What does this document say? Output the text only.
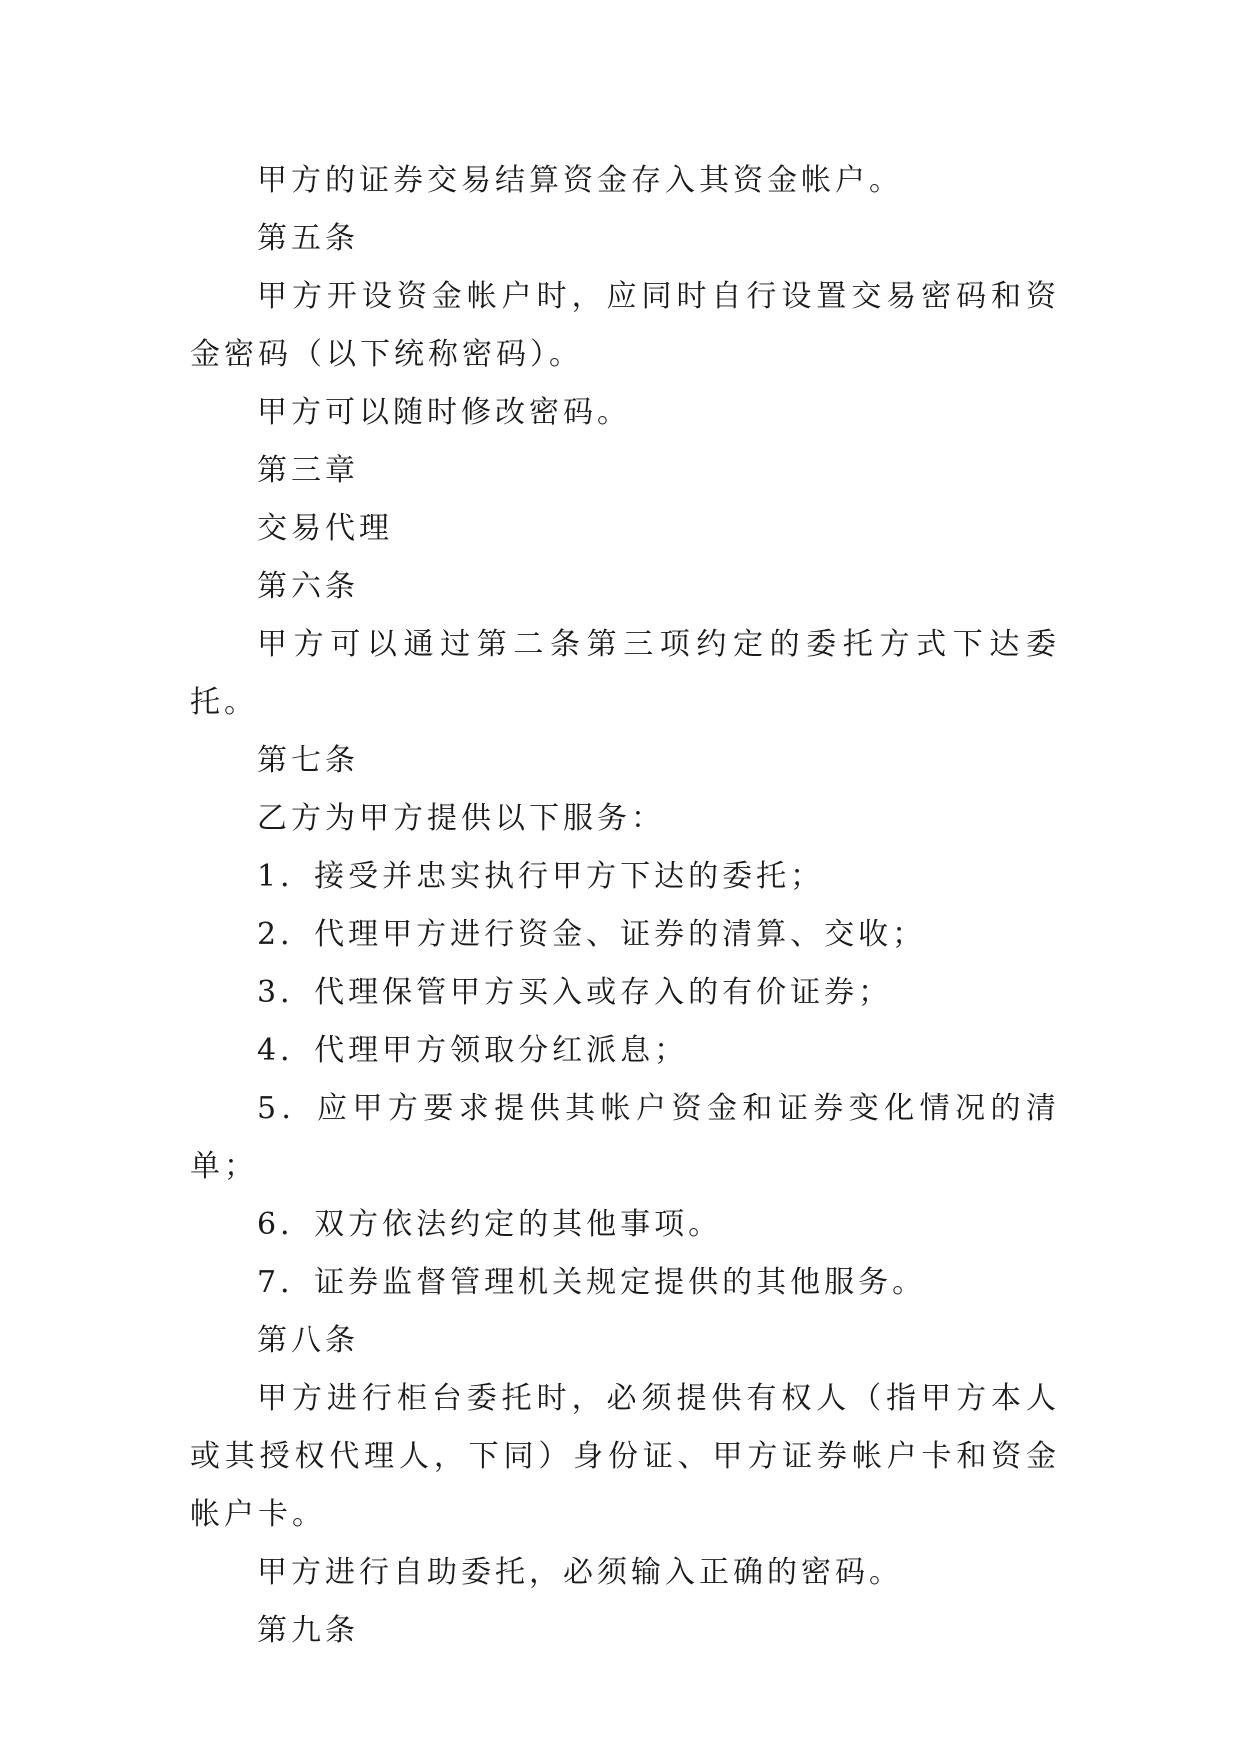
甲方的证券交易结算资金存入其资金帐户。

第五条

甲方开设资金帐户时，应同时自行设置交易密码和资金密码（以下统称密码）。

甲方可以随时修改密码。

第三章

交易代理

第六条

甲方可以通过第二条第三项约定的委托方式下达委托。

第七条

乙方为甲方提供以下服务：

1．接受并忠实执行甲方下达的委托；

2．代理甲方进行资金、证券的清算、交收；

3．代理保管甲方买入或存入的有价证券；

4．代理甲方领取分红派息；

5．应甲方要求提供其帐户资金和证券变化情况的清单；

6．双方依法约定的其他事项。

7．证券监督管理机关规定提供的其他服务。

第八条

甲方进行柜台委托时，必须提供有权人（指甲方本人或其授权代理人，下同）身份证、甲方证券帐户卡和资金帐户卡。

甲方进行自助委托，必须输入正确的密码。

第九条
